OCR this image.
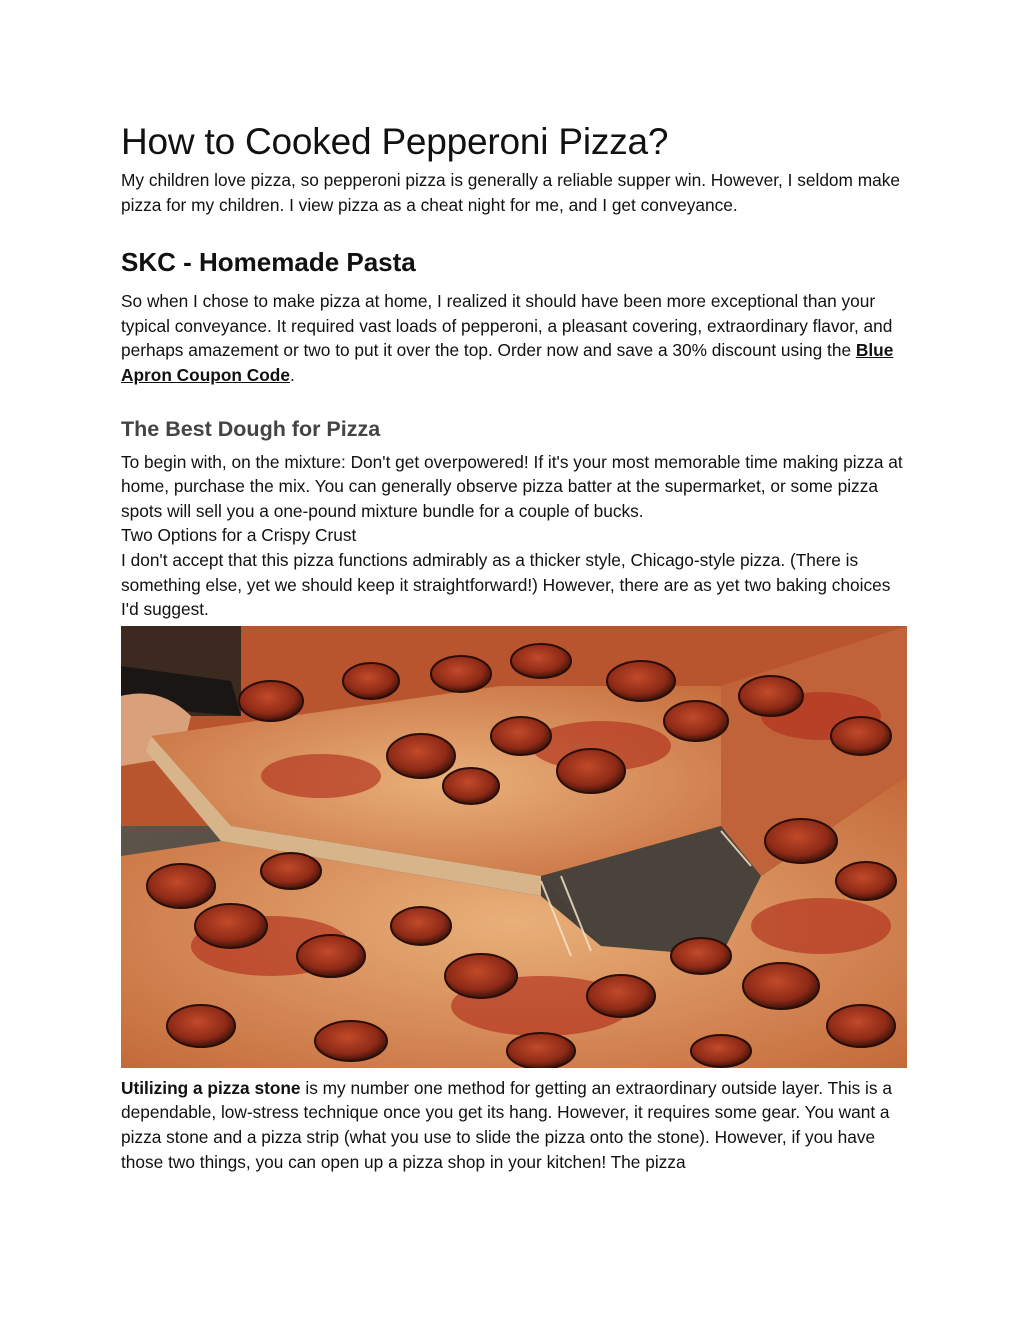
How to Cooked Pepperoni Pizza?

My children love pizza, so pepperoni pizza is generally a reliable supper win. However, I seldom make pizza for my children. I view pizza as a cheat night for me, and I get conveyance.

SKC - Homemade Pasta

So when I chose to make pizza at home, I realized it should have been more exceptional than your typical conveyance. It required vast loads of pepperoni, a pleasant covering, extraordinary flavor, and perhaps amazement or two to put it over the top. Order now and save a 30% discount using the Blue Apron Coupon Code.

The Best Dough for Pizza

To begin with, on the mixture: Don't get overpowered! If it's your most memorable time making pizza at home, purchase the mix. You can generally observe pizza batter at the supermarket, or some pizza spots will sell you a one-pound mixture bundle for a couple of bucks.

Two Options for a Crispy Crust

I don't accept that this pizza functions admirably as a thicker style, Chicago-style pizza. (There is something else, yet we should keep it straightforward!) However, there are as yet two baking choices I'd suggest.

Utilizing a pizza stone is my number one method for getting an extraordinary outside layer. This is a dependable, low-stress technique once you get its hang. However, it requires some gear. You want a pizza stone and a pizza strip (what you use to slide the pizza onto the stone). However, if you have those two things, you can open up a pizza shop in your kitchen! The pizza
